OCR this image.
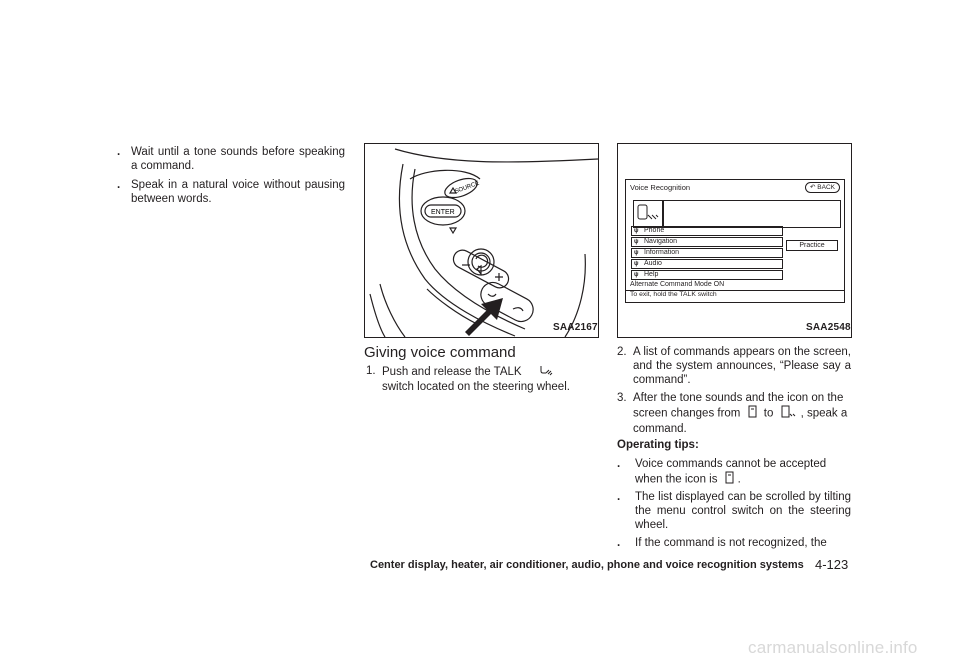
. Wait until a tone sounds before speaking a command.
. Speak in a natural voice without pausing between words.
SOURCE
ENTER
SAA2167
Voice Recognition	↶ BACK
ψ Phone
ψ Navigation
ψ Information
ψ Audio
ψ Help
Practice
Alternate Command Mode ON
To exit, hold the TALK switch
SAA2548
Giving voice command
1. Push and release the TALK  switch located on the steering wheel.
2. A list of commands appears on the screen, and the system announces, “Please say a command”.
3. After the tone sounds and the icon on the screen changes from to , speak a command.
Operating tips:
.	Voice commands cannot be accepted when the icon is .
.	The list displayed can be scrolled by tilting the menu control switch on the steering wheel.
.	If the command is not recognized, the
Center display, heater, air conditioner, audio, phone and voice recognition systems 4-123
carmanualsonline.info
